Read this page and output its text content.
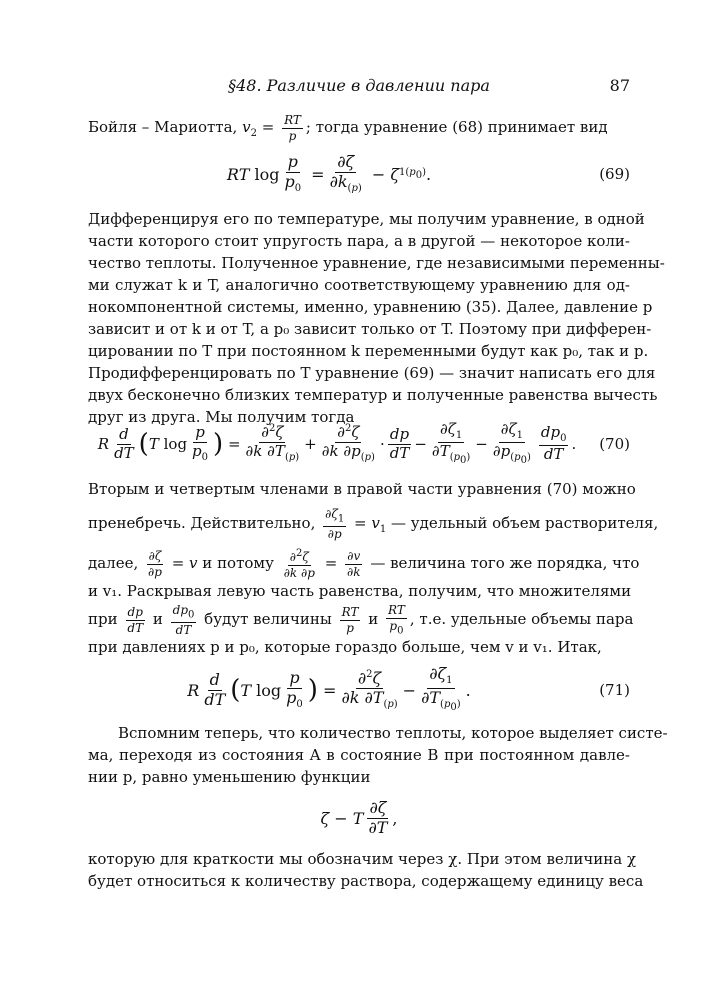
§48. Различие в давлении пара	87
Бойля – Мариотта, $v_2 = \frac{RT}{p}$ ; тогда уравнение (68) принимает вид
RT $\log \frac{p}{p_0} = \frac{\partial\zeta}{\partial k_{(p)}} - \zeta$ $1(p_0)$ .	(69)
Дифференцируя его по температуре, мы получим уравнение, в одной
части которого стоит упругость пара, а в другой — некоторое коли-
чество теплоты. Полученное уравнение, где независимыми переменны-
ми служат k и T, аналогично соответствующему уравнению для од-
нокомпонентной системы, именно, уравнению (35). Далее, давление p
зависит и от k и от T, а p₀ зависит только от T. Поэтому при дифферен-
цировании по T при постоянном k переменными будут как p₀, так и p.
Продифференцировать по T уравнение (69) — значит написать его для
двух бесконечно близких температур и полученные равенства вычесть
друг из друга. Мы получим тогда
R $\frac{d}{dT}$ ( T $\log \frac{p}{p_0}$ ) = $\frac{\partial^2\zeta}{\partial k \partial T_{(p)}} + \frac{\partial^2\zeta}{\partial k \partial p_{(p)}} \cdot \frac{dp}{dT} - \frac{\partial\zeta_1}{\partial T_{(p_0)}} - \frac{\partial\zeta_1}{\partial p_{(p_0)}} \frac{dp_0}{dT}$ .	(70)
Вторым и четвертым членами в правой части уравнения (70) можно
пренебречь. Действительно, $\frac{\partial\zeta_1}{\partial p} = v_1$ — удельный объем растворителя,
далее, $\frac{\partial\zeta}{\partial p} = v$ и потому $\frac{\partial^2\zeta}{\partial k \partial p} = \frac{\partial v}{\partial k}$ — величина того же порядка, что
и v₁. Раскрывая левую часть равенства, получим, что множителями
при $\frac{dp}{dT}$ и $\frac{dp_0}{dT}$ будут величины $\frac{RT}{p}$ и $\frac{RT}{p_0}$ , т.е. удельные объемы пара
при давлениях p и p₀, которые гораздо больше, чем v и v₁. Итак,
R $\frac{d}{dT}$ ( T $\log \frac{p}{p_0}$ ) = $\frac{\partial^2\zeta}{\partial k \partial T_{(p)}} - \frac{\partial\zeta_1}{\partial T_{(p_0)}}$ .	(71)
Вспомним теперь, что количество теплоты, которое выделяет систе-
ма, переходя из состояния A в состояние B при постоянном давле-
нии p, равно уменьшению функции
ζ − T $\frac{\partial\zeta}{\partial T}$ ,
которую для краткости мы обозначим через χ. При этом величина χ
будет относиться к количеству раствора, содержащему единицу веса
